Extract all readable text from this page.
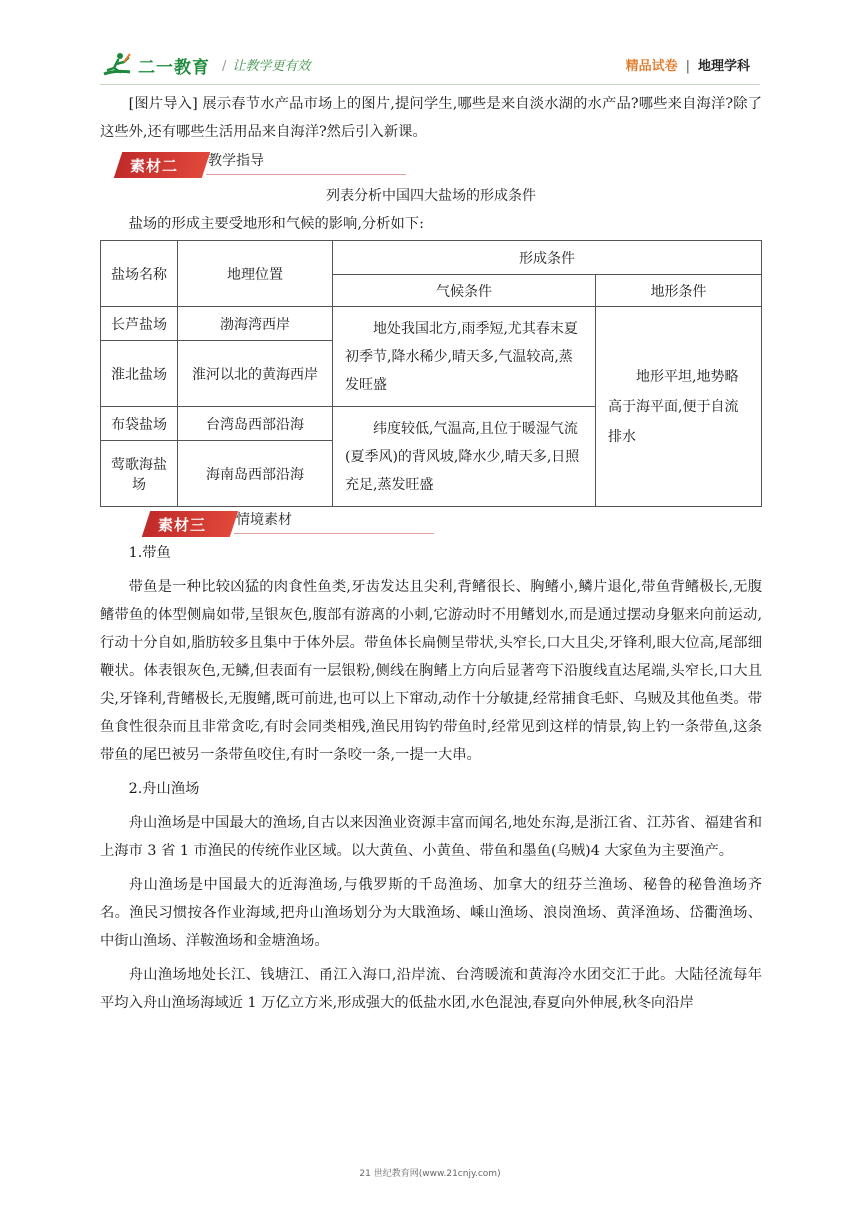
二一教育 / 让教学更有效	精品试卷 | 地理学科

[图片导入] 展示春节水产品市场上的图片,提问学生,哪些是来自淡水湖的水产品?哪些来自海洋?除了这些外,还有哪些生活用品来自海洋?然后引入新课。

素材二 教学指导
列表分析中国四大盐场的形成条件

盐场的形成主要受地形和气候的影响,分析如下:

盐场名称	地理位置	形成条件	
		气候条件	地形条件
长芦盐场	渤海湾西岸	地处我国北方,雨季短,尤其春末夏初季节,降水稀少,晴天多,气温较高,蒸发旺盛	地形平坦,地势略高于海平面,便于自流排水
淮北盐场	淮河以北的黄海西岸		
布袋盐场	台湾岛西部沿海	纬度较低,气温高,且位于暖湿气流(夏季风)的背风坡,降水少,晴天多,日照充足,蒸发旺盛	

莺歌海盐场	海南岛西部沿海		
素材三 情境素材

1.带鱼

带鱼是一种比较凶猛的肉食性鱼类,牙齿发达且尖利,背鳍很长、胸鳍小,鳞片退化,带鱼背鳍极长,无腹鳍带鱼的体型侧扁如带,呈银灰色,腹部有游离的小刺,它游动时不用鳍划水,而是通过摆动身躯来向前运动,行动十分自如,脂肪较多且集中于体外层。带鱼体长扁侧呈带状,头窄长,口大且尖,牙锋利,眼大位高,尾部细鞭状。体表银灰色,无鳞,但表面有一层银粉,侧线在胸鳍上方向后显著弯下沿腹线直达尾端,头窄长,口大且尖,牙锋利,背鳍极长,无腹鳍,既可前进,也可以上下窜动,动作十分敏捷,经常捕食毛虾、乌贼及其他鱼类。带鱼食性很杂而且非常贪吃,有时会同类相残,渔民用钩钓带鱼时,经常见到这样的情景,钩上钓一条带鱼,这条带鱼的尾巴被另一条带鱼咬住,有时一条咬一条,一提一大串。

2.舟山渔场

舟山渔场是中国最大的渔场,自古以来因渔业资源丰富而闻名,地处东海,是浙江省、江苏省、福建省和上海市 3 省 1 市渔民的传统作业区域。以大黄鱼、小黄鱼、带鱼和墨鱼(乌贼)4 大家鱼为主要渔产。

舟山渔场是中国最大的近海渔场,与俄罗斯的千岛渔场、加拿大的纽芬兰渔场、秘鲁的秘鲁渔场齐名。渔民习惯按各作业海域,把舟山渔场划分为大戢渔场、嵊山渔场、浪岗渔场、黄泽渔场、岱衢渔场、中街山渔场、洋鞍渔场和金塘渔场。

舟山渔场地处长江、钱塘江、甬江入海口,沿岸流、台湾暖流和黄海冷水团交汇于此。大陆径流每年平均入舟山渔场海域近 1 万亿立方米,形成强大的低盐水团,水色混浊,春夏向外伸展,秋冬向沿岸

21 世纪教育网(www.21cnjy.com)
